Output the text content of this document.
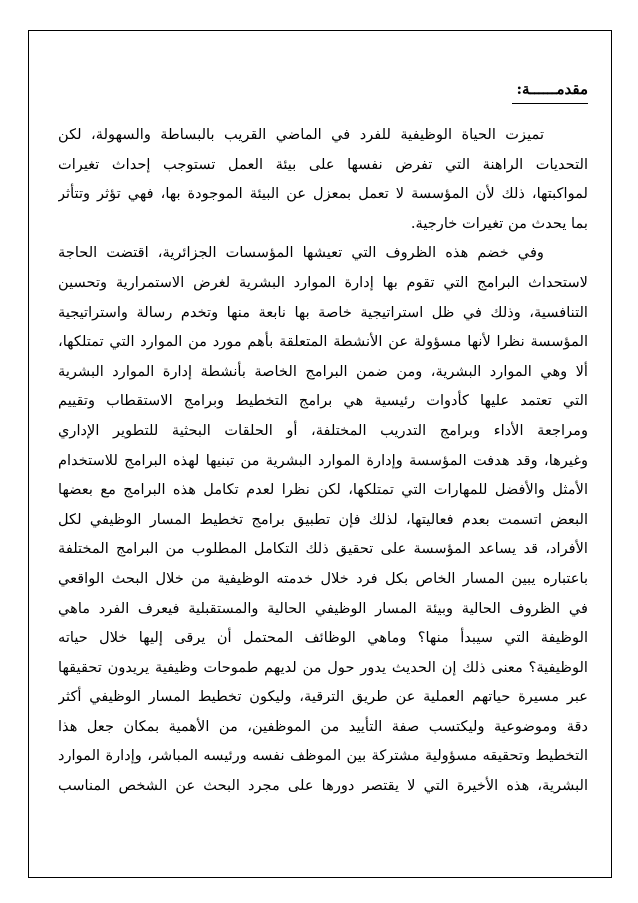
مقدمــــــة:
تميزت الحياة الوظيفية للفرد في الماضي القريب بالبساطة والسهولة، لكن
التحديات الراهنة التي تفرض نفسها على بيئة العمل تستوجب إحداث تغيرات
لمواكبتها، ذلك لأن المؤسسة لا تعمل بمعزل عن البيئة الموجودة بها، فهي تؤثر وتتأثر
بما يحدث من تغيرات خارجية.
وفي خضم هذه الظروف التي تعيشها المؤسسات الجزائرية، اقتضت الحاجة
لاستحداث البرامج التي تقوم بها إدارة الموارد البشرية لغرض الاستمرارية وتحسين
التنافسية، وذلك في ظل استراتيجية خاصة بها نابعة منها وتخدم رسالة واستراتيجية
المؤسسة نظرا لأنها مسؤولة عن الأنشطة المتعلقة بأهم مورد من الموارد التي تمتلكها،
ألا وهي الموارد البشرية، ومن ضمن البرامج الخاصة بأنشطة إدارة الموارد البشرية
التي تعتمد عليها كأدوات رئيسية هي برامج التخطيط وبرامج الاستقطاب وتقييم
ومراجعة الأداء وبرامج التدريب المختلفة، أو الحلقات البحثية للتطوير الإداري
وغيرها، وقد هدفت المؤسسة وإدارة الموارد البشرية من تبنيها لهذه البرامج للاستخدام
الأمثل والأفضل للمهارات التي تمتلكها، لكن نظرا لعدم تكامل هذه البرامج مع بعضها
البعض اتسمت بعدم فعاليتها، لذلك فإن تطبيق برامج تخطيط المسار الوظيفي لكل
الأفراد، قد يساعد المؤسسة على تحقيق ذلك التكامل المطلوب من البرامج المختلفة
باعتباره يبين المسار الخاص بكل فرد خلال خدمته الوظيفية من خلال البحث الواقعي
في الظروف الحالية وبيئة المسار الوظيفي الحالية والمستقبلية فيعرف الفرد ماهي
الوظيفة التي سيبدأ منها؟ وماهي الوظائف المحتمل أن يرقى إليها خلال حياته
الوظيفية؟ معنى ذلك إن الحديث يدور حول من لديهم طموحات وظيفية يريدون تحقيقها
عبر مسيرة حياتهم العملية عن طريق الترقية، وليكون تخطيط المسار الوظيفي أكثر
دقة وموضوعية وليكتسب صفة التأييد من الموظفين، من الأهمية بمكان جعل هذا
التخطيط وتحقيقه مسؤولية مشتركة بين الموظف نفسه ورئيسه المباشر، وإدارة الموارد
البشرية، هذه الأخيرة التي لا يقتصر دورها على مجرد البحث عن الشخص المناسب
